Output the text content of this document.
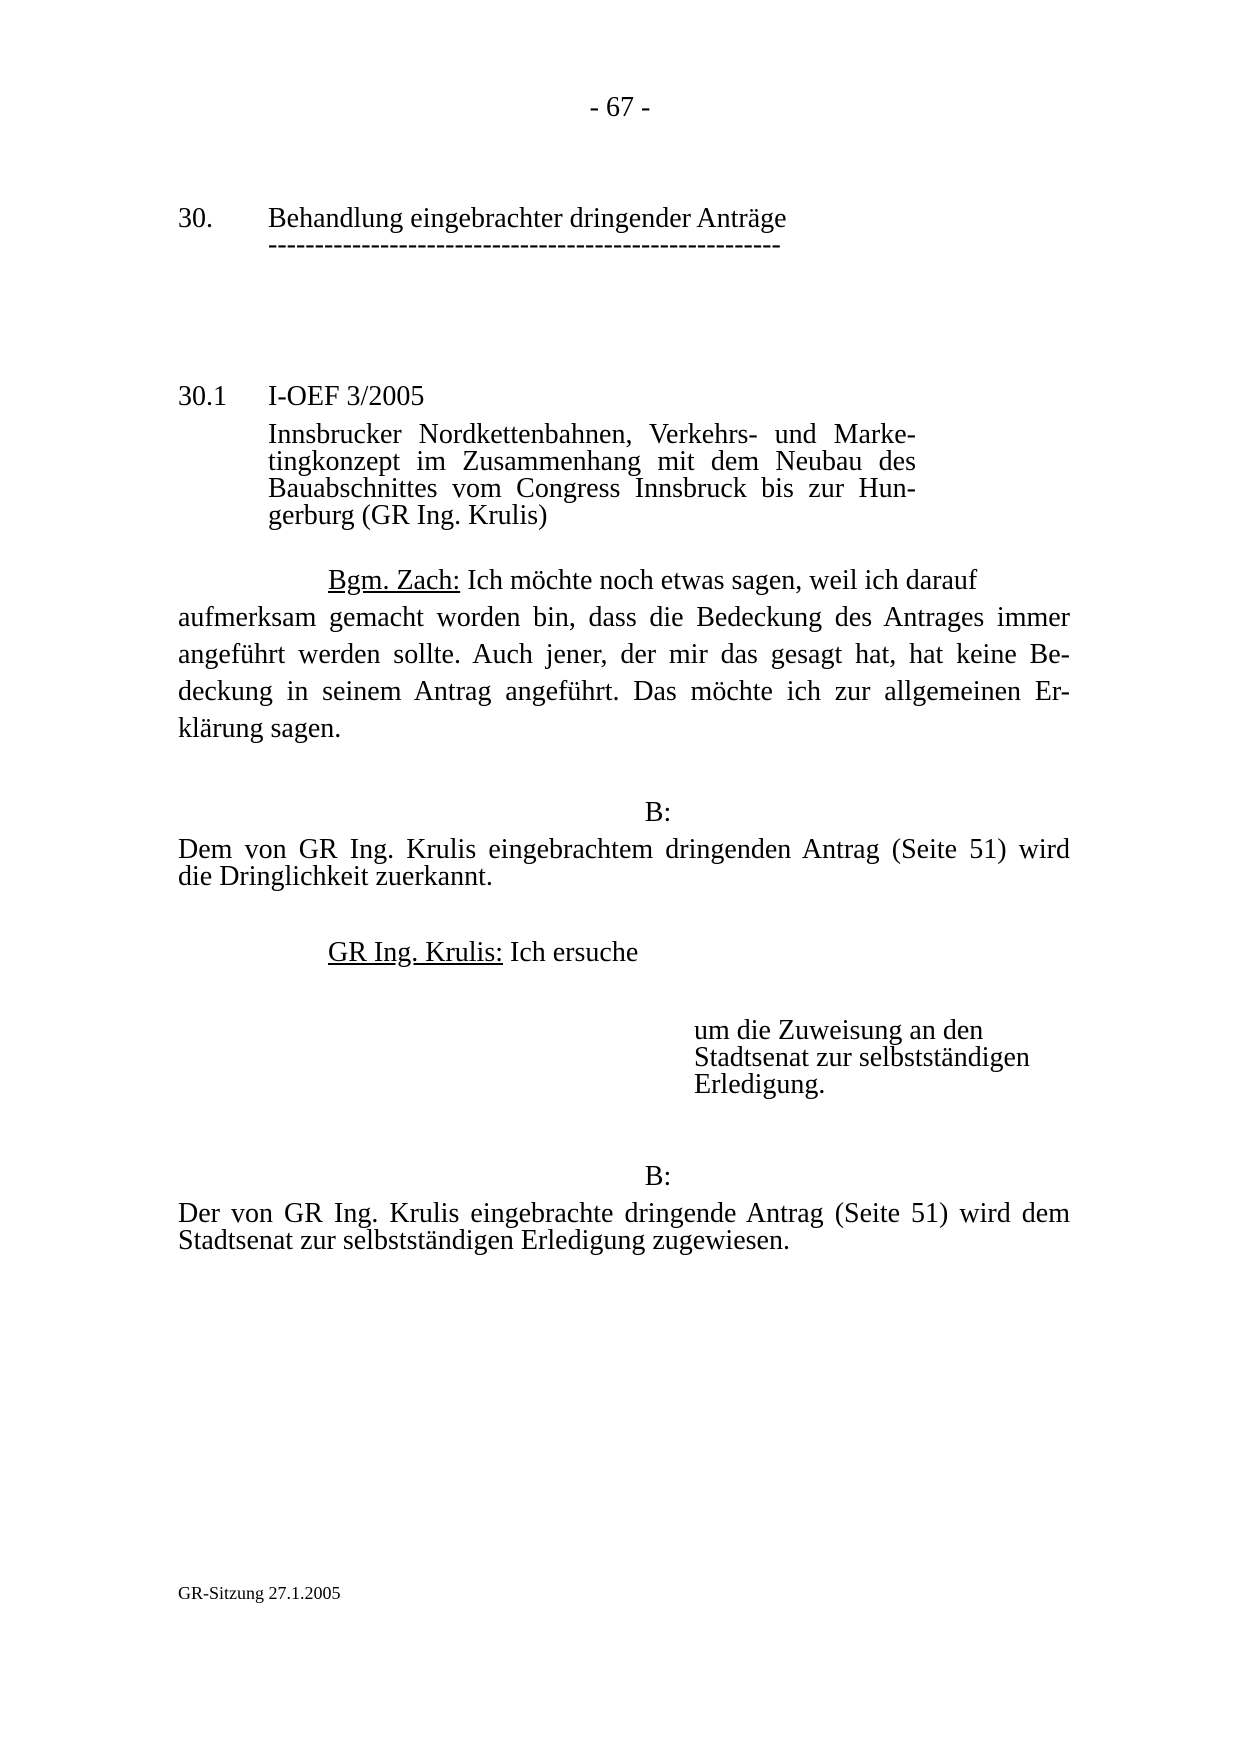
- 67 -
30. Behandlung eingebrachter dringender Anträge
-------------------------------------------------------
30.1 I-OEF 3/2005
Innsbrucker Nordkettenbahnen, Verkehrs- und Marke-
tingkonzept im Zusammenhang mit dem Neubau des
Bauabschnittes vom Congress Innsbruck bis zur Hun-
gerburg (GR Ing. Krulis)
Bgm. Zach: Ich möchte noch etwas sagen, weil ich darauf
aufmerksam gemacht worden bin, dass die Bedeckung des Antrages immer
angeführt werden sollte. Auch jener, der mir das gesagt hat, hat keine Be-
deckung in seinem Antrag angeführt. Das möchte ich zur allgemeinen Er-
klärung sagen.
B:
Dem von GR Ing. Krulis eingebrachtem dringenden Antrag (Seite 51) wird
die Dringlichkeit zuerkannt.
GR Ing. Krulis: Ich ersuche
um die Zuweisung an den
Stadtsenat zur selbstständigen
Erledigung.
B:
Der von GR Ing. Krulis eingebrachte dringende Antrag (Seite 51) wird dem
Stadtsenat zur selbstständigen Erledigung zugewiesen.
GR-Sitzung 27.1.2005
